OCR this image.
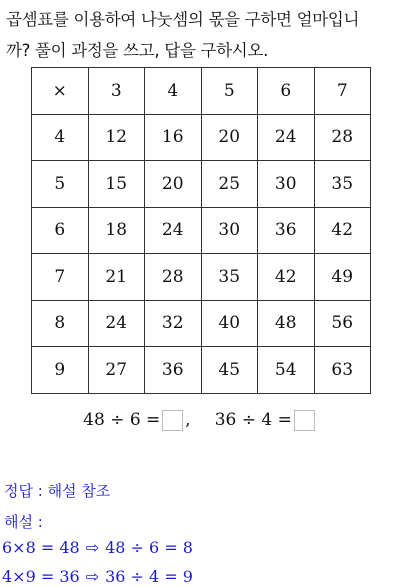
곱셈표를 이용하여 나눗셈의 몫을 구하면 얼마입니
까? 풀이 과정을 쓰고, 답을 구하시오.
×	3	4	5	6	7
4	12	16	20	24	28
5	15	20	25	30	35
6	18	24	30	36	42
7	21	28	35	42	49
8	24	32	40	48	56
9	27	36	45	54	63
48 ÷ 6 = , 36 ÷ 4 =
정답 : 해설 참조
해설 :
6×8 = 48 ⇨ 48 ÷ 6 = 8
4×9 = 36 ⇨ 36 ÷ 4 = 9
